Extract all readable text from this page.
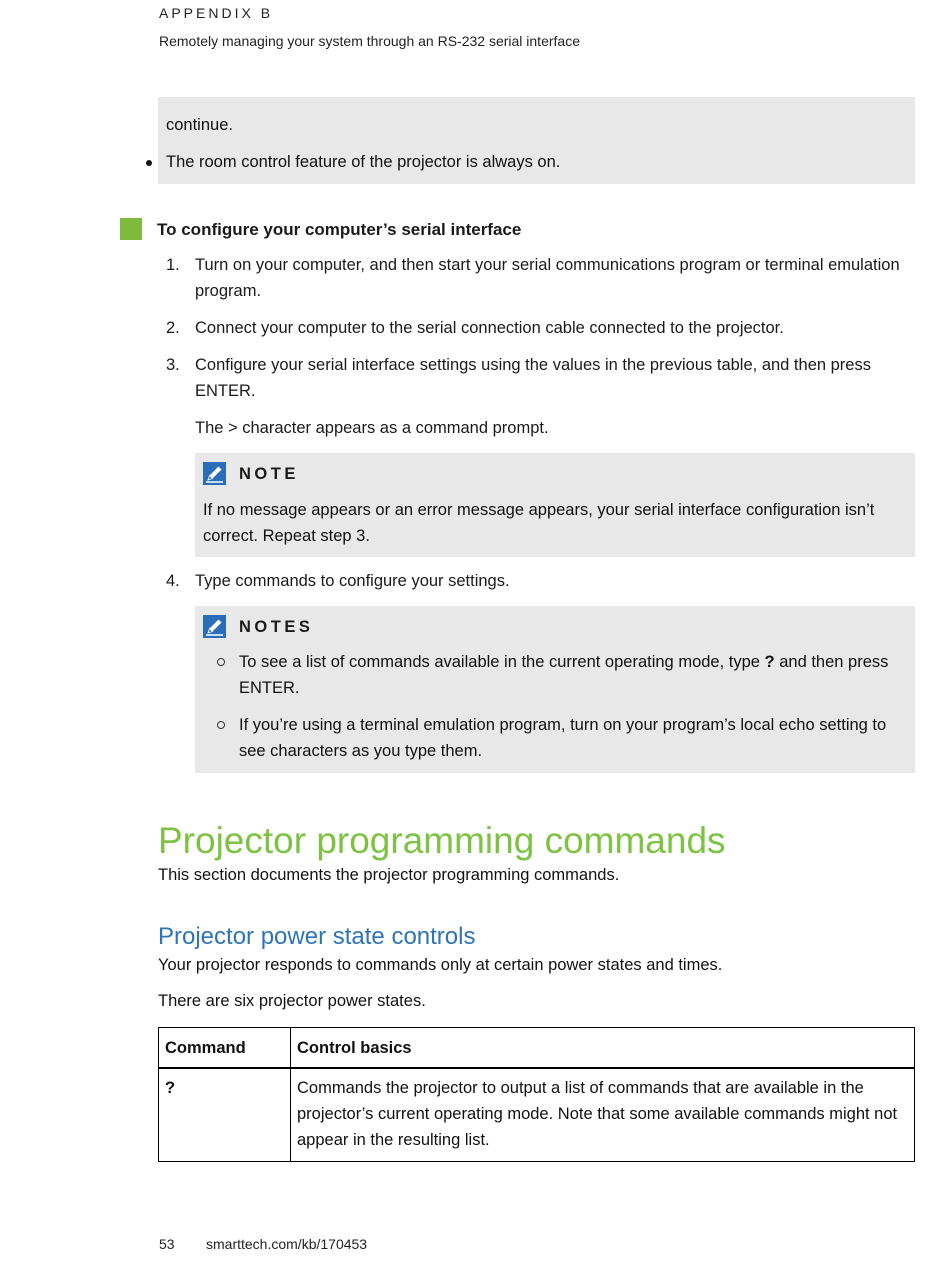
APPENDIX B
Remotely managing your system through an RS-232 serial interface
continue.
The room control feature of the projector is always on.
To configure your computer’s serial interface
1. Turn on your computer, and then start your serial communications program or terminal emulation program.
2. Connect your computer to the serial connection cable connected to the projector.
3. Configure your serial interface settings using the values in the previous table, and then press ENTER.
The > character appears as a command prompt.
NOTE
If no message appears or an error message appears, your serial interface configuration isn’t correct. Repeat step 3.
4. Type commands to configure your settings.
NOTES
To see a list of commands available in the current operating mode, type ? and then press ENTER.
If you’re using a terminal emulation program, turn on your program’s local echo setting to see characters as you type them.
Projector programming commands
This section documents the projector programming commands.
Projector power state controls
Your projector responds to commands only at certain power states and times.
There are six projector power states.
Command	Control basics
?	Commands the projector to output a list of commands that are available in the projector’s current operating mode. Note that some available commands might not appear in the resulting list.
53 smarttech.com/kb/170453
